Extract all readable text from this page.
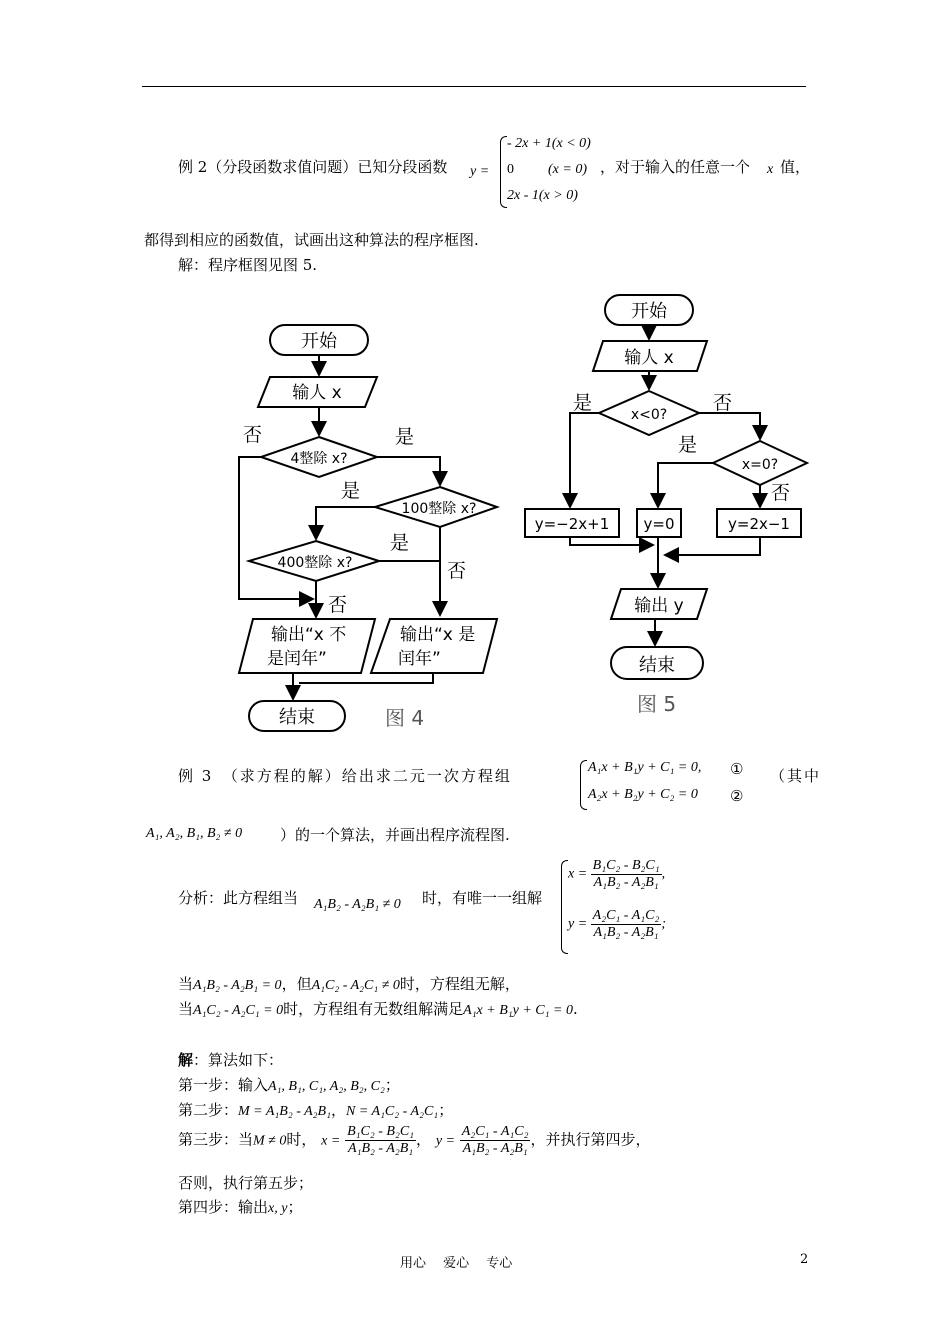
例 2（分段函数求值问题）已知分段函数 y =
- 2x + 1(x < 0)
0 (x = 0)
2x - 1(x > 0)
，对于输入的任意一个 x 值，
都得到相应的函数值，试画出这种算法的程序框图.
解：程序框图见图 5.
开始
输人 x
4整除 x?
100整除 x?
400整除 x?
否	是
是
是
否
否
输出“x 不
是闰年”
输出“x 是
闰年”
结束	图 4
开始
输人 x
x<0?
x=0?
是	否
是
否
y=−2x+1 y=0	y=2x−1
输出 y
结束
图 5
例 3　（求方程的解）给出求二元一次方程组	A₁x + B₁y + C₁ = 0,
A₂x + B₂y + C₂ = 0
①
②
（其中
A₁, A₂, B₁, B₂ ≠ 0	）的一个算法，并画出程序流程图.
分析：此方程组当 A₁B₂ - A₂B₁ ≠ 0 时，有唯一一组解
$x = \frac{\text{B₁C₂ - B₂C₁}}{\text{A₁B₂ - A₂B₁}}$ ,
$y = \frac{\text{A₂C₁ - A₁C₂}}{\text{A₁B₂ - A₂B₁}}$ ;
当A₁B₂ - A₂B₁ = 0，但A₁C₂ - A₂C₁ ≠ 0时，方程组无解，
当A₁C₂ - A₂C₁ = 0时，方程组有无数组解满足A₁x + B₁y + C₁ = 0.
解：算法如下：
第一步：输入A₁, B₁, C₁, A₂, B₂, C₂；
第二步：M = A₁B₂ - A₂B₁，N = A₁C₂ - A₂C₁；
第三步：当M ≠ 0时， $x = \frac{\text{B₁C₂ - B₂C₁}}{\text{A₁B₂ - A₂B₁}}$ ， $y = \frac{\text{A₂C₁ - A₁C₂}}{\text{A₁B₂ - A₂B₁}}$ ，并执行第四步，
否则，执行第五步；
第四步：输出x, y；
用心　 爱心　 专心	2
